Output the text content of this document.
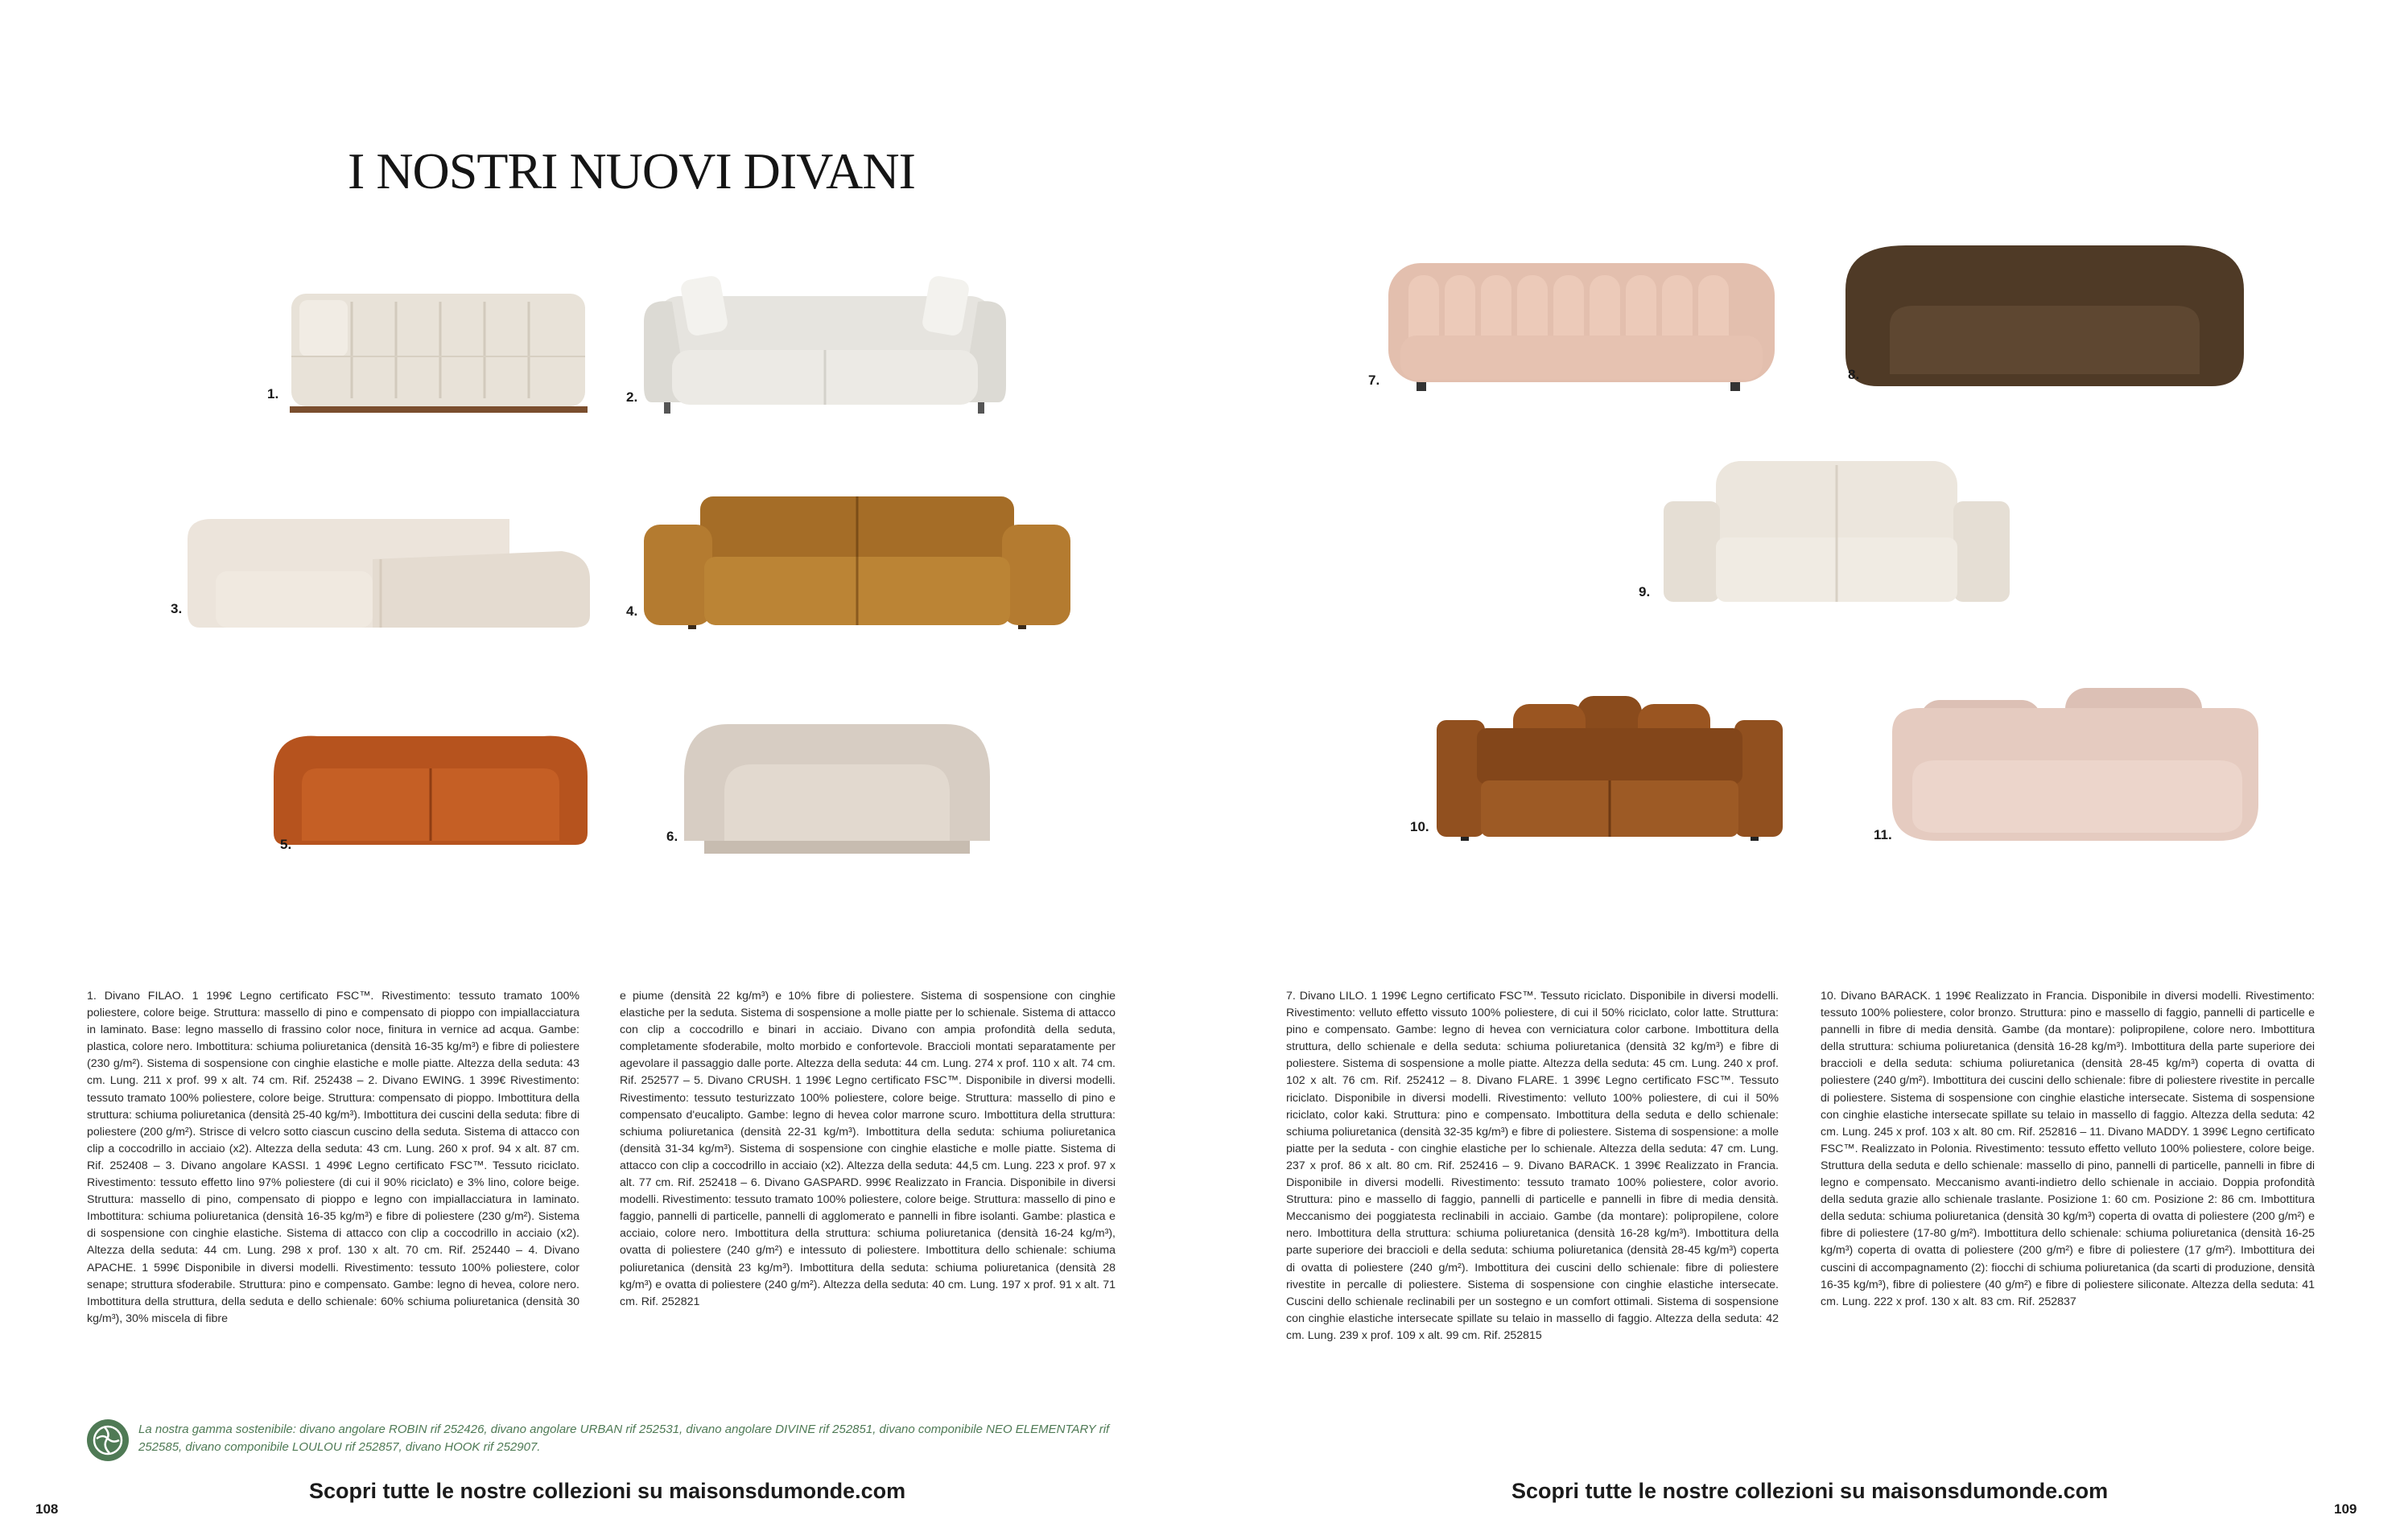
I NOSTRI NUOVI DIVANI
1.	2.
3.	4.
5.
6.
7.	8.
9.
10.
11.

1. Divano FILAO. 1 199€ Legno certificato FSC™. Rivestimento: tessuto tramato 100% poliestere, colore beige. Struttura: massello di pino e compensato di pioppo con impiallacciatura in laminato. Base: legno massello di frassino color noce, finitura in vernice ad acqua. Gambe: plastica, colore nero. Imbottitura: schiuma poliuretanica (densità 16-35 kg/m³) e fibre di poliestere (230 g/m²). Sistema di sospensione con cinghie elastiche e molle piatte. Altezza della seduta: 43 cm. Lung. 211 x prof. 99 x alt. 74 cm. Rif. 252438 – 2. Divano EWING. 1 399€ Rivestimento: tessuto tramato 100% poliestere, colore beige. Struttura: compensato di pioppo. Imbottitura della struttura: schiuma poliuretanica (densità 25-40 kg/m³). Imbottitura dei cuscini della seduta: fibre di poliestere (200 g/m²). Strisce di velcro sotto ciascun cuscino della seduta. Sistema di attacco con clip a coccodrillo in acciaio (x2). Altezza della seduta: 43 cm. Lung. 260 x prof. 94 x alt. 87 cm. Rif. 252408 – 3. Divano angolare KASSI. 1 499€ Legno certificato FSC™. Tessuto riciclato. Rivestimento: tessuto effetto lino 97% poliestere (di cui il 90% riciclato) e 3% lino, colore beige. Struttura: massello di pino, compensato di pioppo e legno con impiallacciatura in laminato. Imbottitura: schiuma poliuretanica (densità 16-35 kg/m³) e fibre di poliestere (230 g/m²). Sistema di sospensione con cinghie elastiche. Sistema di attacco con clip a coccodrillo in acciaio (x2). Altezza della seduta: 44 cm. Lung. 298 x prof. 130 x alt. 70 cm. Rif. 252440 – 4. Divano APACHE. 1 599€ Disponibile in diversi modelli. Rivestimento: tessuto 100% poliestere, color senape; struttura sfoderabile. Struttura: pino e compensato. Gambe: legno di hevea, colore nero. Imbottitura della struttura, della seduta e dello schienale: 60% schiuma poliuretanica (densità 30 kg/m³), 30% miscela di fibre

e piume (densità 22 kg/m³) e 10% fibre di poliestere. Sistema di sospensione con cinghie elastiche per la seduta. Sistema di sospensione a molle piatte per lo schienale. Sistema di attacco con clip a coccodrillo e binari in acciaio. Divano con ampia profondità della seduta, completamente sfoderabile, molto morbido e confortevole. Braccioli montati separatamente per agevolare il passaggio dalle porte. Altezza della seduta: 44 cm. Lung. 274 x prof. 110 x alt. 74 cm. Rif. 252577 – 5. Divano CRUSH. 1 199€ Legno certificato FSC™. Disponibile in diversi modelli. Rivestimento: tessuto testurizzato 100% poliestere, colore beige. Struttura: massello di pino e compensato d'eucalipto. Gambe: legno di hevea color marrone scuro. Imbottitura della struttura: schiuma poliuretanica (densità 22-31 kg/m³). Imbottitura della seduta: schiuma poliuretanica (densità 31-34 kg/m³). Sistema di sospensione con cinghie elastiche e molle piatte. Sistema di attacco con clip a coccodrillo in acciaio (x2). Altezza della seduta: 44,5 cm. Lung. 223 x prof. 97 x alt. 77 cm. Rif. 252418 – 6. Divano GASPARD. 999€ Realizzato in Francia. Disponibile in diversi modelli. Rivestimento: tessuto tramato 100% poliestere, colore beige. Struttura: massello di pino e faggio, pannelli di particelle, pannelli di agglomerato e pannelli in fibre isolanti. Gambe: plastica e acciaio, colore nero. Imbottitura della struttura: schiuma poliuretanica (densità 16-24 kg/m³), ovatta di poliestere (240 g/m²) e intessuto di poliestere. Imbottitura dello schienale: schiuma poliuretanica (densità 23 kg/m³). Imbottitura della seduta: schiuma poliuretanica (densità 28 kg/m³) e ovatta di poliestere (240 g/m²). Altezza della seduta: 40 cm. Lung. 197 x prof. 91 x alt. 71 cm. Rif. 252821

7. Divano LILO. 1 199€ Legno certificato FSC™. Tessuto riciclato. Disponibile in diversi modelli. Rivestimento: velluto effetto vissuto 100% poliestere, di cui il 50% riciclato, color latte. Struttura: pino e compensato. Gambe: legno di hevea con verniciatura color carbone. Imbottitura della struttura, dello schienale e della seduta: schiuma poliuretanica (densità 32 kg/m³) e fibre di poliestere. Sistema di sospensione a molle piatte. Altezza della seduta: 45 cm. Lung. 240 x prof. 102 x alt. 76 cm. Rif. 252412 – 8. Divano FLARE. 1 399€ Legno certificato FSC™. Tessuto riciclato. Disponibile in diversi modelli. Rivestimento: velluto 100% poliestere, di cui il 50% riciclato, color kaki. Struttura: pino e compensato. Imbottitura della seduta e dello schienale: schiuma poliuretanica (densità 32-35 kg/m³) e fibre di poliestere. Sistema di sospensione: a molle piatte per la seduta - con cinghie elastiche per lo schienale. Altezza della seduta: 47 cm. Lung. 237 x prof. 86 x alt. 80 cm. Rif. 252416 – 9. Divano BARACK. 1 399€ Realizzato in Francia. Disponibile in diversi modelli. Rivestimento: tessuto tramato 100% poliestere, color avorio. Struttura: pino e massello di faggio, pannelli di particelle e pannelli in fibre di media densità. Meccanismo dei poggiatesta reclinabili in acciaio. Gambe (da montare): polipropilene, colore nero. Imbottitura della struttura: schiuma poliuretanica (densità 16-28 kg/m³). Imbottitura della parte superiore dei braccioli e della seduta: schiuma poliuretanica (densità 28-45 kg/m³) coperta di ovatta di poliestere (240 g/m²). Imbottitura dei cuscini dello schienale: fibre di poliestere rivestite in percalle di poliestere. Sistema di sospensione con cinghie elastiche intersecate. Cuscini dello schienale reclinabili per un sostegno e un comfort ottimali. Sistema di sospensione con cinghie elastiche intersecate spillate su telaio in massello di faggio. Altezza della seduta: 42 cm. Lung. 239 x prof. 109 x alt. 99 cm. Rif. 252815

10. Divano BARACK. 1 199€ Realizzato in Francia. Disponibile in diversi modelli. Rivestimento: tessuto 100% poliestere, color bronzo. Struttura: pino e massello di faggio, pannelli di particelle e pannelli in fibre di media densità. Gambe (da montare): polipropilene, colore nero. Imbottitura della struttura: schiuma poliuretanica (densità 16-28 kg/m³). Imbottitura della parte superiore dei braccioli e della seduta: schiuma poliuretanica (densità 28-45 kg/m³) coperta di ovatta di poliestere (240 g/m²). Imbottitura dei cuscini dello schienale: fibre di poliestere rivestite in percalle di poliestere. Sistema di sospensione con cinghie elastiche intersecate. Sistema di sospensione con cinghie elastiche intersecate spillate su telaio in massello di faggio. Altezza della seduta: 42 cm. Lung. 245 x prof. 103 x alt. 80 cm. Rif. 252816 – 11. Divano MADDY. 1 399€ Legno certificato FSC™. Realizzato in Polonia. Rivestimento: tessuto effetto velluto 100% poliestere, colore beige. Struttura della seduta e dello schienale: massello di pino, pannelli di particelle, pannelli in fibre di legno e compensato. Meccanismo avanti-indietro dello schienale in acciaio. Doppia profondità della seduta grazie allo schienale traslante. Posizione 1: 60 cm. Posizione 2: 86 cm. Imbottitura della seduta: schiuma poliuretanica (densità 30 kg/m³) coperta di ovatta di poliestere (200 g/m²) e fibre di poliestere (17-80 g/m²). Imbottitura dello schienale: schiuma poliuretanica (densità 16-25 kg/m³) coperta di ovatta di poliestere (200 g/m²) e fibre di poliestere (17 g/m²). Imbottitura dei cuscini di accompagnamento (2): fiocchi di schiuma poliuretanica (da scarti di produzione, densità 16-35 kg/m³), fibre di poliestere (40 g/m²) e fibre di poliestere siliconate. Altezza della seduta: 41 cm. Lung. 222 x prof. 130 x alt. 83 cm. Rif. 252837

La nostra gamma sostenibile: divano angolare ROBIN rif 252426, divano angolare URBAN rif 252531, divano angolare DIVINE rif 252851, divano componibile NEO ELEMENTARY rif 252585, divano componibile LOULOU rif 252857, divano HOOK rif 252907.
Scopri tutte le nostre collezioni su maisonsdumonde.com	Scopri tutte le nostre collezioni su maisonsdumonde.com
108	109
